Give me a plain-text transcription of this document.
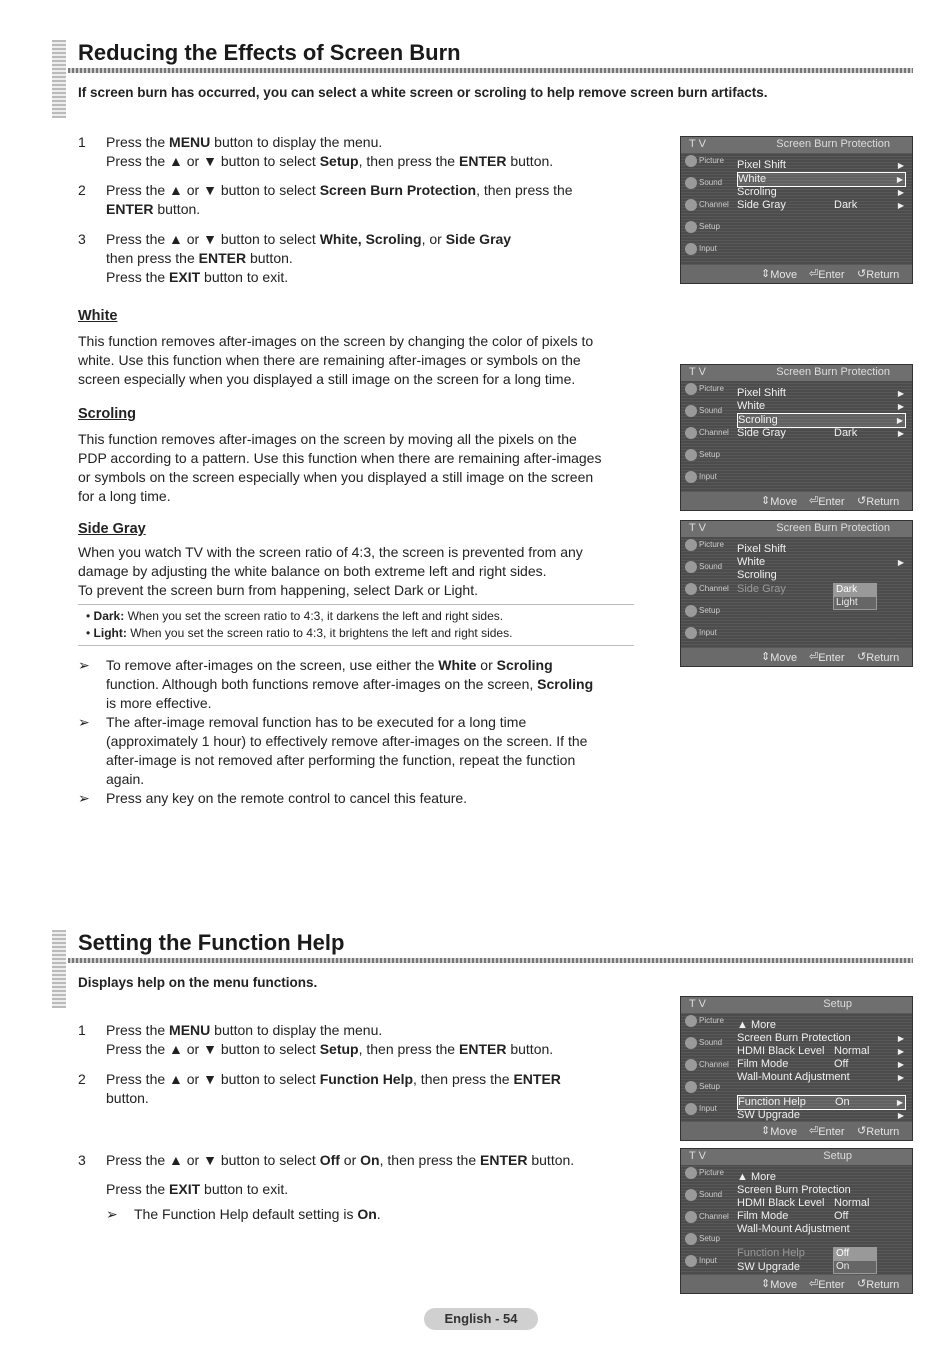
Reducing the Effects of Screen Burn
If screen burn has occurred, you can select a white screen or scroling to help remove screen burn artifacts.
1 Press the MENU button to display the menu.
Press the ▲ or ▼ button to select Setup, then press the ENTER button.
2 Press the ▲ or ▼ button to select Screen Burn Protection, then press the
ENTER button.
3 Press the ▲ or ▼ button to select White, Scroling, or Side Gray
then press the ENTER button.
Press the EXIT button to exit.
White
This function removes after-images on the screen by changing the color of pixels to
white. Use this function when there are remaining after-images or symbols on the
screen especially when you displayed a still image on the screen for a long time.
Scroling
This function removes after-images on the screen by moving all the pixels on the
PDP according to a pattern. Use this function when there are remaining after-images
or symbols on the screen especially when you displayed a still image on the screen
for a long time.
Side Gray
When you watch TV with the screen ratio of 4:3, the screen is prevented from any
damage by adjusting the white balance on both extreme left and right sides.
To prevent the screen burn from happening, select Dark or Light.
• Dark: When you set the screen ratio to 4:3, it darkens the left and right sides.
• Light: When you set the screen ratio to 4:3, it brightens the left and right sides.
➢ To remove after-images on the screen, use either the White or Scroling
function. Although both functions remove after-images on the screen, Scroling
is more effective.
➢ The after-image removal function has to be executed for a long time
(approximately 1 hour) to effectively remove after-images on the screen. If the
after-image is not removed after performing the function, repeat the function
again.
➢ Press any key on the remote control to cancel this feature.
Setting the Function Help
Displays help on the menu functions.
1 Press the MENU button to display the menu.
Press the ▲ or ▼ button to select Setup, then press the ENTER button.
2 Press the ▲ or ▼ button to select Function Help, then press the ENTER
button.
3 Press the ▲ or ▼ button to select Off or On, then press the ENTER button.
Press the EXIT button to exit.
➢ The Function Help default setting is On.
T V	Screen Burn Protection
Picture
Sound
Channel
Setup
Input
Pixel Shift	▶
White	▶
Scroling	▶
Side Gray	Dark	▶
⇕ Move ⏎ Enter ↺ Return
T V	Screen Burn Protection
Picture
Sound
Channel
Setup
Input
Pixel Shift	▶
White	▶
Scroling	▶
Side Gray	Dark	▶
⇕ Move ⏎ Enter ↺ Return
T V	Screen Burn Protection
Picture
Sound
Channel
Setup
Input
Pixel Shift
White	▶
Scroling
Side Gray	Dark
Light
⇕ Move ⏎ Enter ↺ Return
T V	Setup
Picture
Sound
Channel
Setup
Input
▲ More
Screen Burn Protection	▶
HDMI Black Level Normal	▶
Film Mode	Off	▶
Wall-Mount Adjustment	▶
Function Help	On	▶
SW Upgrade	▶
⇕ Move ⏎ Enter ↺ Return
T V	Setup
Picture
Sound
Channel
Setup
Input
▲ More
Screen Burn Protection
HDMI Black Level Normal
Film Mode	Off
Wall-Mount Adjustment
Function Help
SW Upgrade
Off
On
⇕ Move ⏎ Enter ↺ Return
English - 54
